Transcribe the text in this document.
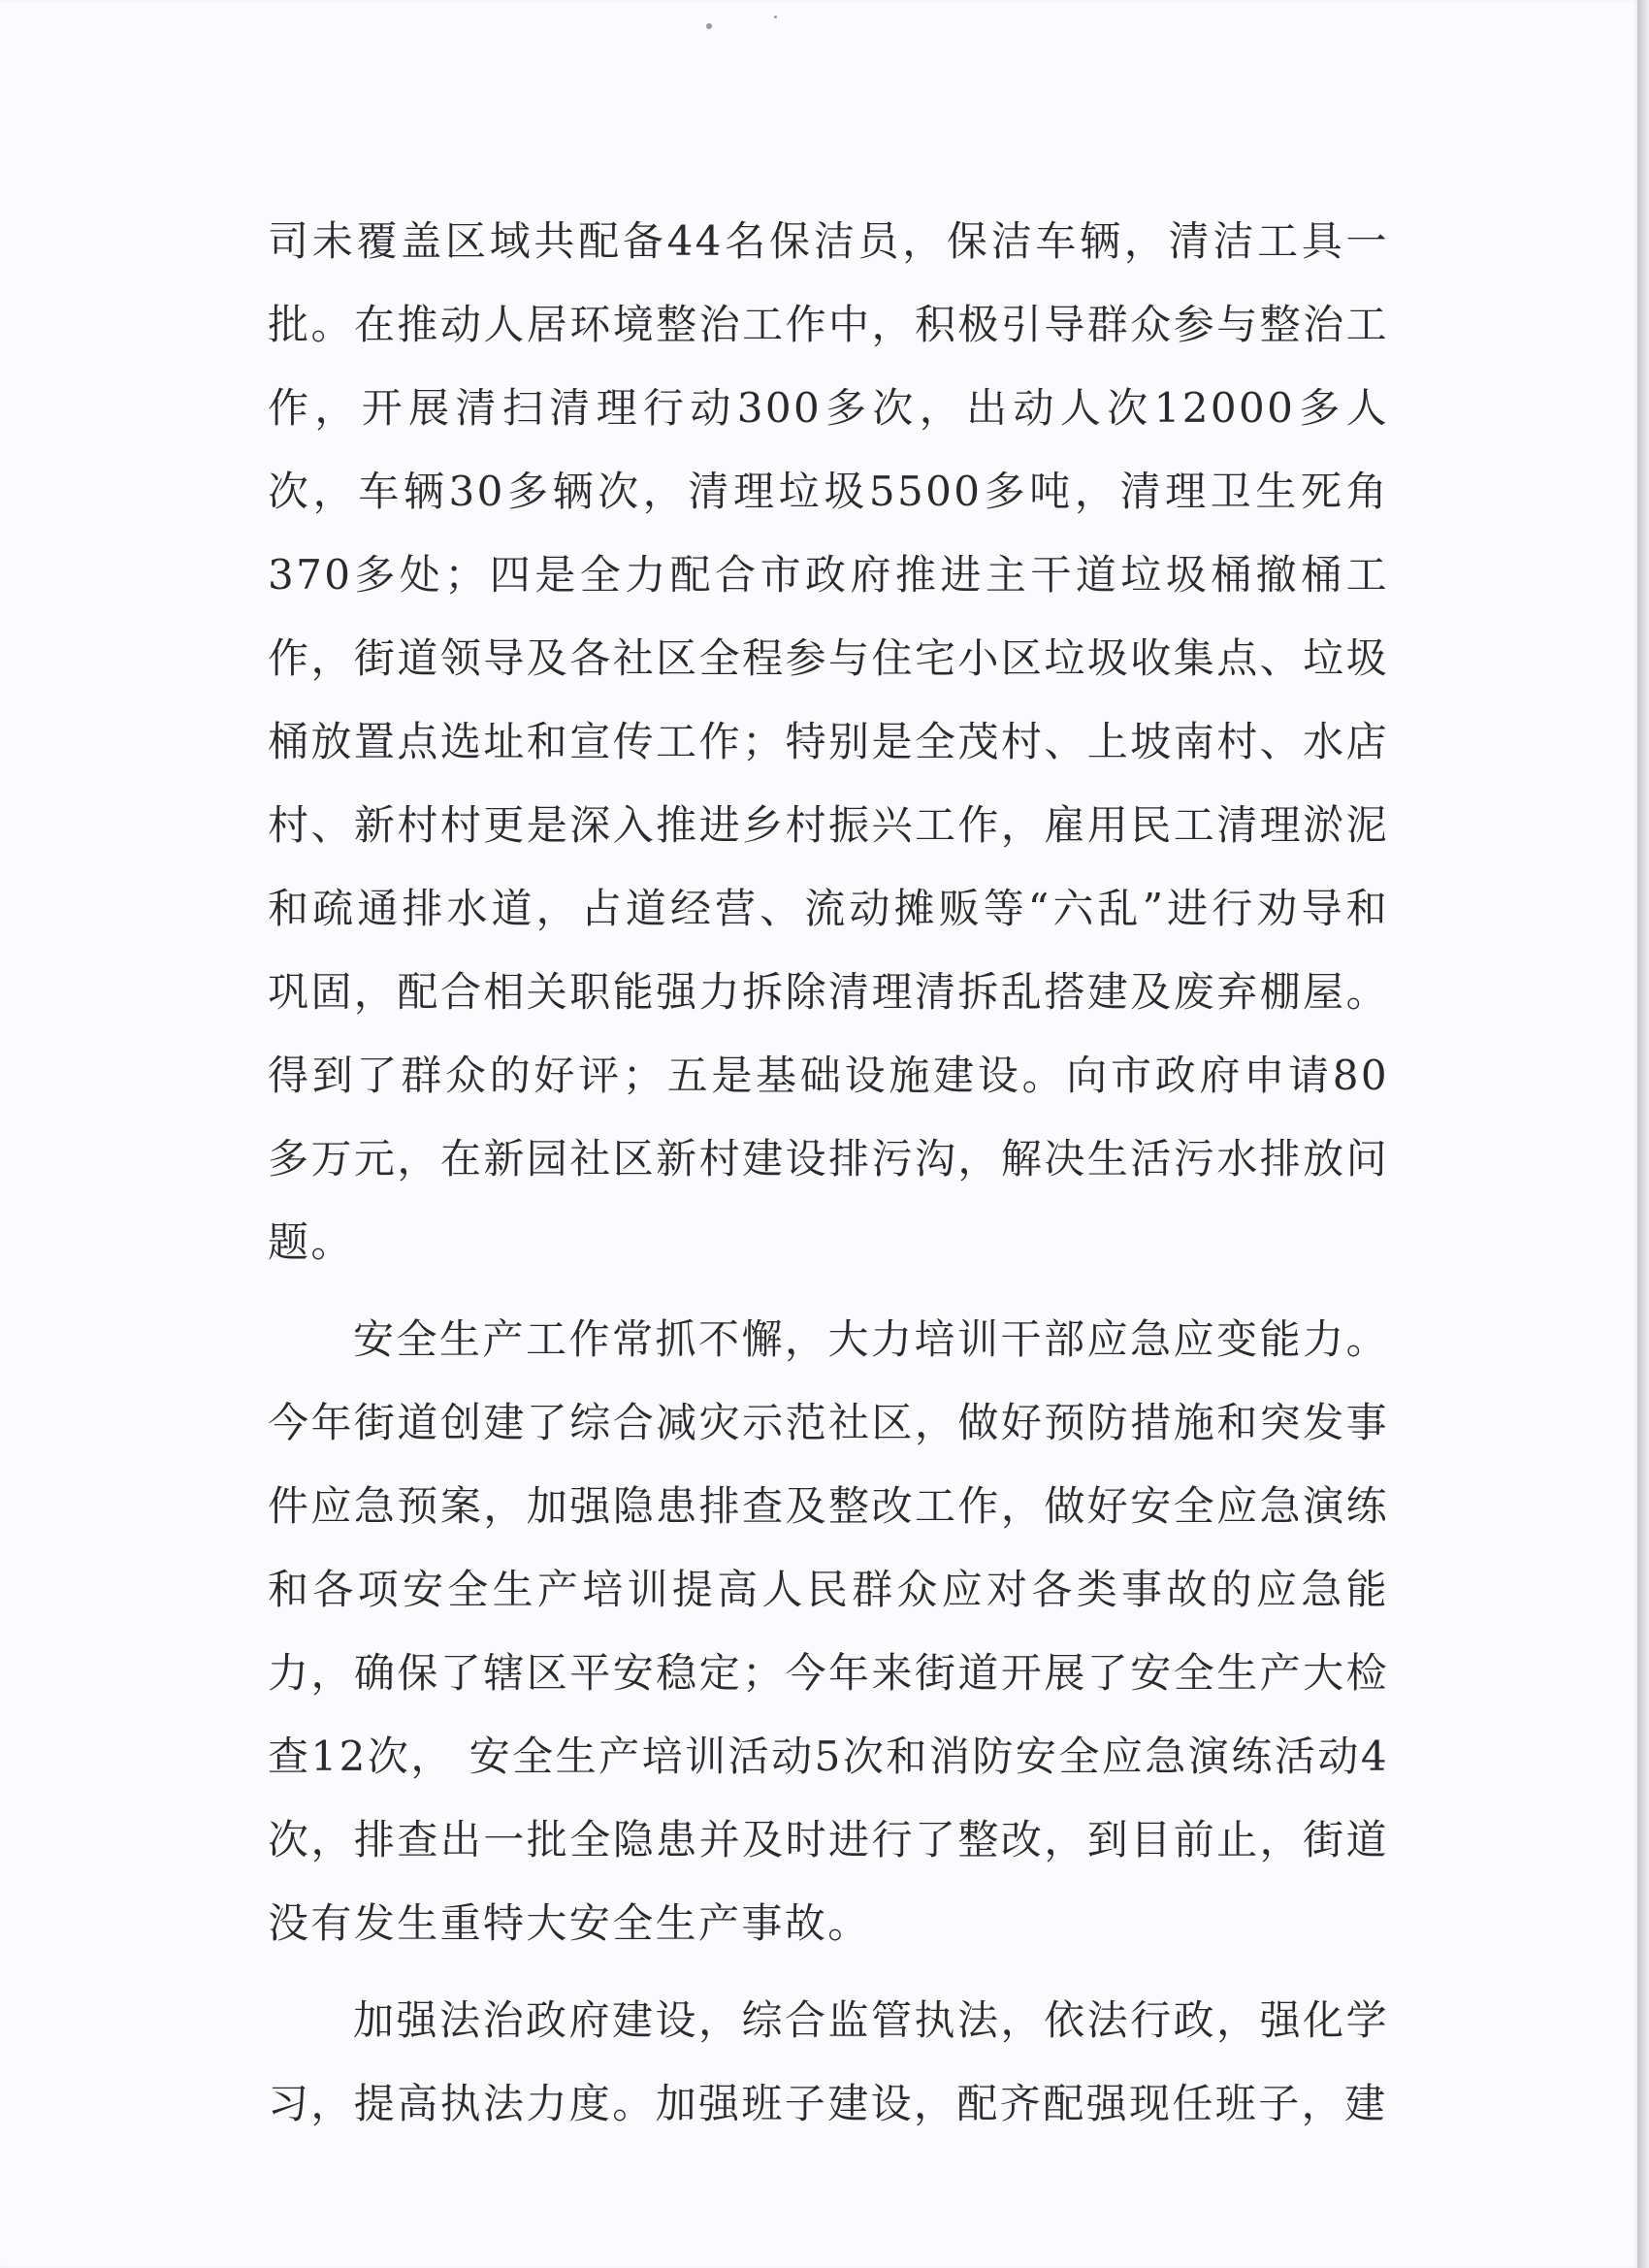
司未覆盖区域共配备44名保洁员，保洁车辆，清洁工具一批。在推动人居环境整治工作中，积极引导群众参与整治工作，开展清扫清理行动300多次，出动人次12000多人次，车辆30多辆次，清理垃圾5500多吨，清理卫生死角370多处；四是全力配合市政府推进主干道垃圾桶撤桶工作，街道领导及各社区全程参与住宅小区垃圾收集点、垃圾桶放置点选址和宣传工作；特别是全茂村、上坡南村、水店村、新村村更是深入推进乡村振兴工作，雇用民工清理淤泥和疏通排水道，占道经营、流动摊贩等“六乱”进行劝导和巩固，配合相关职能强力拆除清理清拆乱搭建及废弃棚屋。得到了群众的好评；五是基础设施建设。向市政府申请80多万元，在新园社区新村建设排污沟，解决生活污水排放问题。

安全生产工作常抓不懈，大力培训干部应急应变能力。今年街道创建了综合减灾示范社区，做好预防措施和突发事件应急预案，加强隐患排查及整改工作，做好安全应急演练和各项安全生产培训提高人民群众应对各类事故的应急能力，确保了辖区平安稳定；今年来街道开展了安全生产大检查12次， 安全生产培训活动5次和消防安全应急演练活动4次，排查出一批全隐患并及时进行了整改，到目前止，街道没有发生重特大安全生产事故。

加强法治政府建设，综合监管执法，依法行政，强化学习，提高执法力度。加强班子建设，配齐配强现任班子，建
